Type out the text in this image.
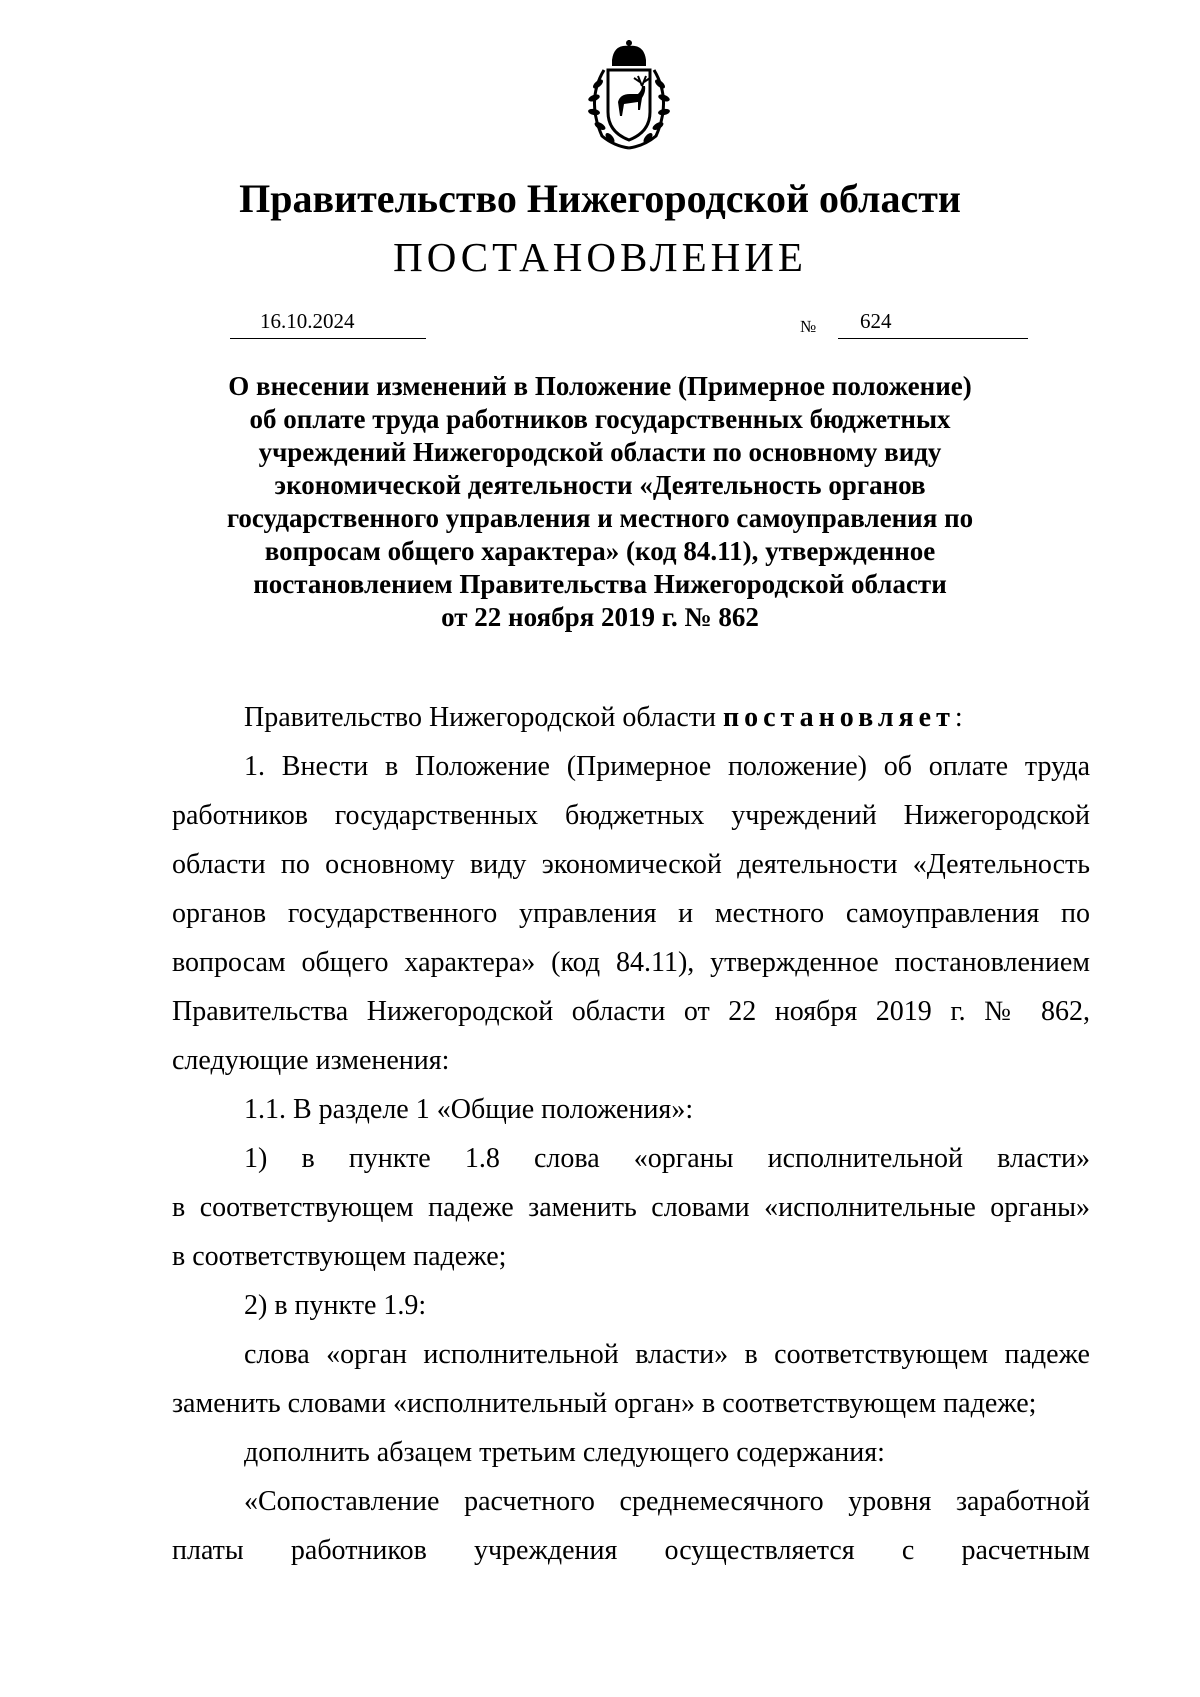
Правительство Нижегородской области
ПОСТАНОВЛЕНИЕ
16.10.2024	№ 624
О внесении изменений в Положение (Примерное положение)
об оплате труда работников государственных бюджетных
учреждений Нижегородской области по основному виду
экономической деятельности «Деятельность органов
государственного управления и местного самоуправления по
вопросам общего характера» (код 84.11), утвержденное
постановлением Правительства Нижегородской области
от 22 ноября 2019 г. № 862
Правительство Нижегородской области постановляет:
1. Внести в Положение (Примерное положение) об оплате труда
работников государственных бюджетных учреждений Нижегородской
области по основному виду экономической деятельности «Деятельность
органов государственного управления и местного самоуправления по
вопросам общего характера» (код 84.11), утвержденное постановлением
Правительства Нижегородской области от 22 ноября 2019 г. № 862,
следующие изменения:
1.1. В разделе 1 «Общие положения»:
1) в пункте 1.8 слова «органы исполнительной власти»
в соответствующем падеже заменить словами «исполнительные органы»
в соответствующем падеже;
2) в пункте 1.9:
слова «орган исполнительной власти» в соответствующем падеже
заменить словами «исполнительный орган» в соответствующем падеже;
дополнить абзацем третьим следующего содержания:
«Сопоставление расчетного среднемесячного уровня заработной
платы работников учреждения осуществляется с расчетным
